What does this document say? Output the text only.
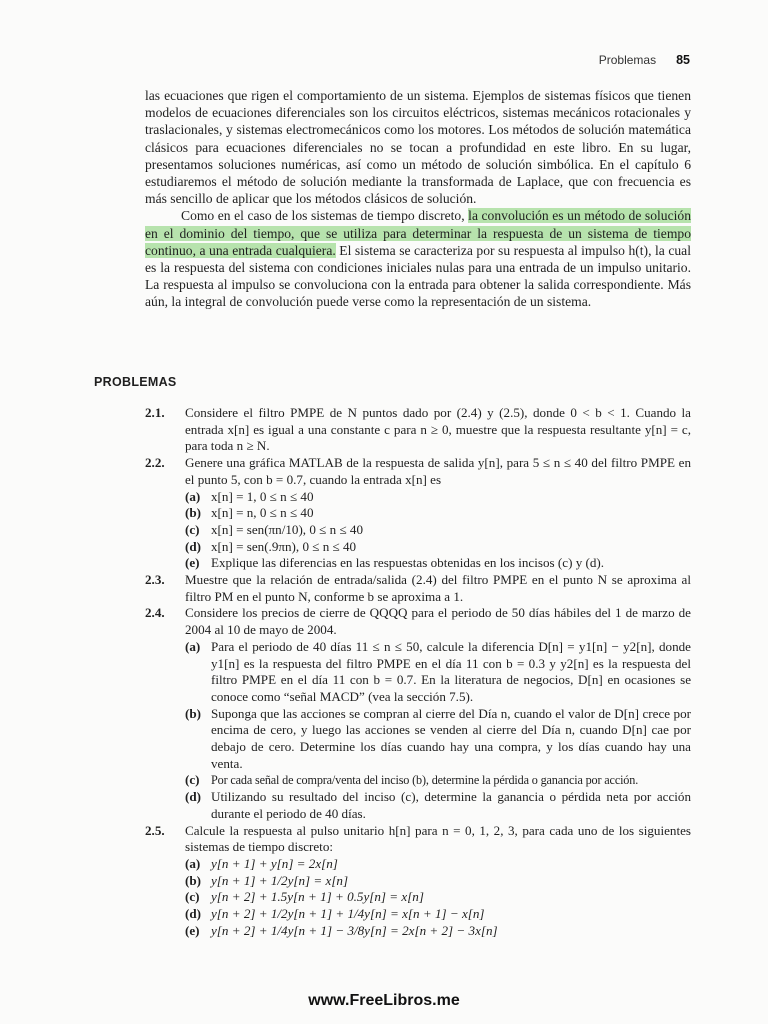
Problemas 85

las ecuaciones que rigen el comportamiento de un sistema. Ejemplos de sistemas físicos que tienen modelos de ecuaciones diferenciales son los circuitos eléctricos, sistemas mecánicos rotacionales y traslacionales, y sistemas electromecánicos como los motores. Los métodos de solución matemática clásicos para ecuaciones diferenciales no se tocan a profundidad en este libro. En su lugar, presentamos soluciones numéricas, así como un método de solución simbólica. En el capítulo 6 estudiaremos el método de solución mediante la transformada de Laplace, que con frecuencia es más sencillo de aplicar que los métodos clásicos de solución.

Como en el caso de los sistemas de tiempo discreto, la convolución es un método de solución en el dominio del tiempo, que se utiliza para determinar la respuesta de un sistema de tiempo continuo, a una entrada cualquiera. El sistema se caracteriza por su respuesta al impulso h(t), la cual es la respuesta del sistema con condiciones iniciales nulas para una entrada de un impulso unitario. La respuesta al impulso se convoluciona con la entrada para obtener la salida correspondiente. Más aún, la integral de convolución puede verse como la representación de un sistema.

PROBLEMAS
2.1.	Considere el filtro PMPE de N puntos dado por (2.4) y (2.5), donde 0 < b < 1. Cuando la entrada x[n] es igual a una constante c para n ≥ 0, muestre que la respuesta resultante y[n] = c, para toda n ≥ N.
2.2.	Genere una gráfica MATLAB de la respuesta de salida y[n], para 5 ≤ n ≤ 40 del filtro PMPE en el punto 5, con b = 0.7, cuando la entrada x[n] es
(a) x[n] = 1, 0 ≤ n ≤ 40
(b) x[n] = n, 0 ≤ n ≤ 40
(c) x[n] = sen(πn/10), 0 ≤ n ≤ 40
(d) x[n] = sen(.9πn), 0 ≤ n ≤ 40
(e) Explique las diferencias en las respuestas obtenidas en los incisos (c) y (d).
2.3.	Muestre que la relación de entrada/salida (2.4) del filtro PMPE en el punto N se aproxima al filtro PM en el punto N, conforme b se aproxima a 1.
2.4.	Considere los precios de cierre de QQQQ para el periodo de 50 días hábiles del 1 de marzo de 2004 al 10 de mayo de 2004.
(a) Para el periodo de 40 días 11 ≤ n ≤ 50, calcule la diferencia D[n] = y1[n] − y2[n], donde y1[n] es la respuesta del filtro PMPE en el día 11 con b = 0.3 y y2[n] es la respuesta del filtro PMPE en el día 11 con b = 0.7. En la literatura de negocios, D[n] en ocasiones se conoce como “señal MACD” (vea la sección 7.5).
(b) Suponga que las acciones se compran al cierre del Día n, cuando el valor de D[n] crece por encima de cero, y luego las acciones se venden al cierre del Día n, cuando D[n] cae por debajo de cero. Determine los días cuando hay una compra, y los días cuando hay una venta.
(c) Por cada señal de compra/venta del inciso (b), determine la pérdida o ganancia por acción.
(d) Utilizando su resultado del inciso (c), determine la ganancia o pérdida neta por acción durante el periodo de 40 días.
2.5.	Calcule la respuesta al pulso unitario h[n] para n = 0, 1, 2, 3, para cada uno de los siguientes sistemas de tiempo discreto:
(a) y[n + 1] + y[n] = 2x[n]
(b) y[n + 1] + 1/2y[n] = x[n]
(c) y[n + 2] + 1.5y[n + 1] + 0.5y[n] = x[n]
(d) y[n + 2] + 1/2y[n + 1] + 1/4y[n] = x[n + 1] − x[n]
(e) y[n + 2] + 1/4y[n + 1] − 3/8y[n] = 2x[n + 2] − 3x[n]
www.FreeLibros.me
